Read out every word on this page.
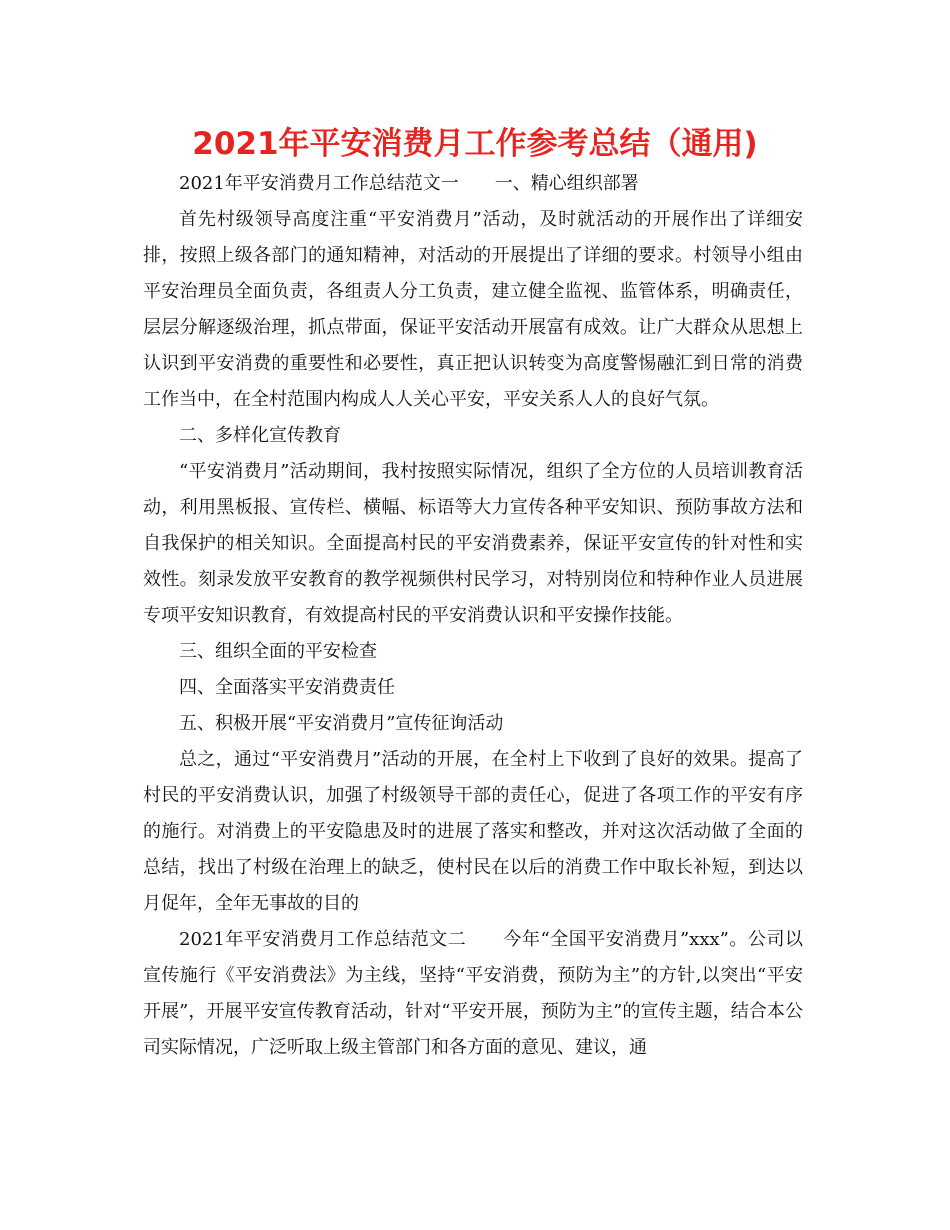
2021年平安消费月工作参考总结（通用)

2021年平安消费月工作总结范文一　　一、精心组织部署

首先村级领导高度注重“平安消费月”活动，及时就活动的开展作出了详细安排，按照上级各部门的通知精神，对活动的开展提出了详细的要求。村领导小组由平安治理员全面负责，各组责人分工负责，建立健全监视、监管体系，明确责任，层层分解逐级治理，抓点带面，保证平安活动开展富有成效。让广大群众从思想上认识到平安消费的重要性和必要性，真正把认识转变为高度警惕融汇到日常的消费工作当中，在全村范围内构成人人关心平安，平安关系人人的良好气氛。

二、多样化宣传教育

“平安消费月”活动期间，我村按照实际情况，组织了全方位的人员培训教育活动，利用黑板报、宣传栏、横幅、标语等大力宣传各种平安知识、预防事故方法和自我保护的相关知识。全面提高村民的平安消费素养，保证平安宣传的针对性和实效性。刻录发放平安教育的教学视频供村民学习，对特别岗位和特种作业人员进展专项平安知识教育，有效提高村民的平安消费认识和平安操作技能。

三、组织全面的平安检查

四、全面落实平安消费责任

五、积极开展“平安消费月”宣传征询活动

总之，通过“平安消费月”活动的开展，在全村上下收到了良好的效果。提高了村民的平安消费认识，加强了村级领导干部的责任心，促进了各项工作的平安有序的施行。对消费上的平安隐患及时的进展了落实和整改，并对这次活动做了全面的总结，找出了村级在治理上的缺乏，使村民在以后的消费工作中取长补短，到达以月促年，全年无事故的目的

2021年平安消费月工作总结范文二　　今年“全国平安消费月”xxx”。公司以宣传施行《平安消费法》为主线，坚持“平安消费，预防为主”的方针,以突出“平安开展”，开展平安宣传教育活动，针对“平安开展，预防为主”的宣传主题，结合本公司实际情况，广泛听取上级主管部门和各方面的意见、建议，通
